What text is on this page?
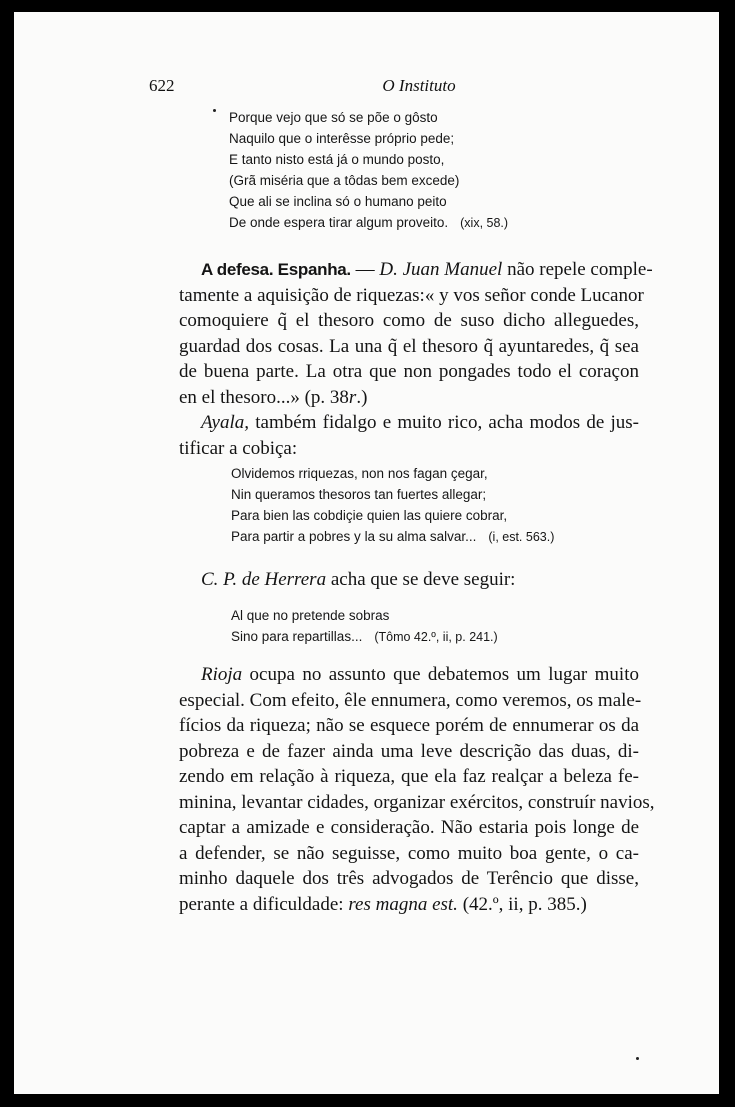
622	O Instituto
Porque vejo que só se põe o gôsto
Naquilo que o interêsse próprio pede;
E tanto nisto está já o mundo posto,
(Grã miséria que a tôdas bem excede)
Que ali se inclina só o humano peito
De onde espera tirar algum proveito. (xix, 58.)
A defesa. Espanha. — D. Juan Manuel não repele comple-
tamente a aquisição de riquezas:« y vos señor conde Lucanor
comoquiere q̃ el thesoro como de suso dicho alleguedes,
guardad dos cosas. La una q̃ el thesoro q̃ ayuntaredes, q̃ sea
de buena parte. La otra que non pongades todo el coraçon
en el thesoro...» (p. 38r.)
Ayala, também fidalgo e muito rico, acha modos de jus-
tificar a cobiça:
Olvidemos rriquezas, non nos fagan çegar,
Nin queramos thesoros tan fuertes allegar;
Para bien las cobdiçie quien las quiere cobrar,
Para partir a pobres y la su alma salvar... (i, est. 563.)
C. P. de Herrera acha que se deve seguir:
Al que no pretende sobras
Sino para repartillas... (Tômo 42.º, ii, p. 241.)
Rioja ocupa no assunto que debatemos um lugar muito
especial. Com efeito, êle ennumera, como veremos, os male-
fícios da riqueza; não se esquece porém de ennumerar os da
pobreza e de fazer ainda uma leve descrição das duas, di-
zendo em relação à riqueza, que ela faz realçar a beleza fe-
minina, levantar cidades, organizar exércitos, construír navios,
captar a amizade e consideração. Não estaria pois longe de
a defender, se não seguisse, como muito boa gente, o ca-
minho daquele dos três advogados de Terêncio que disse,
perante a dificuldade: res magna est. (42.º, ii, p. 385.)
